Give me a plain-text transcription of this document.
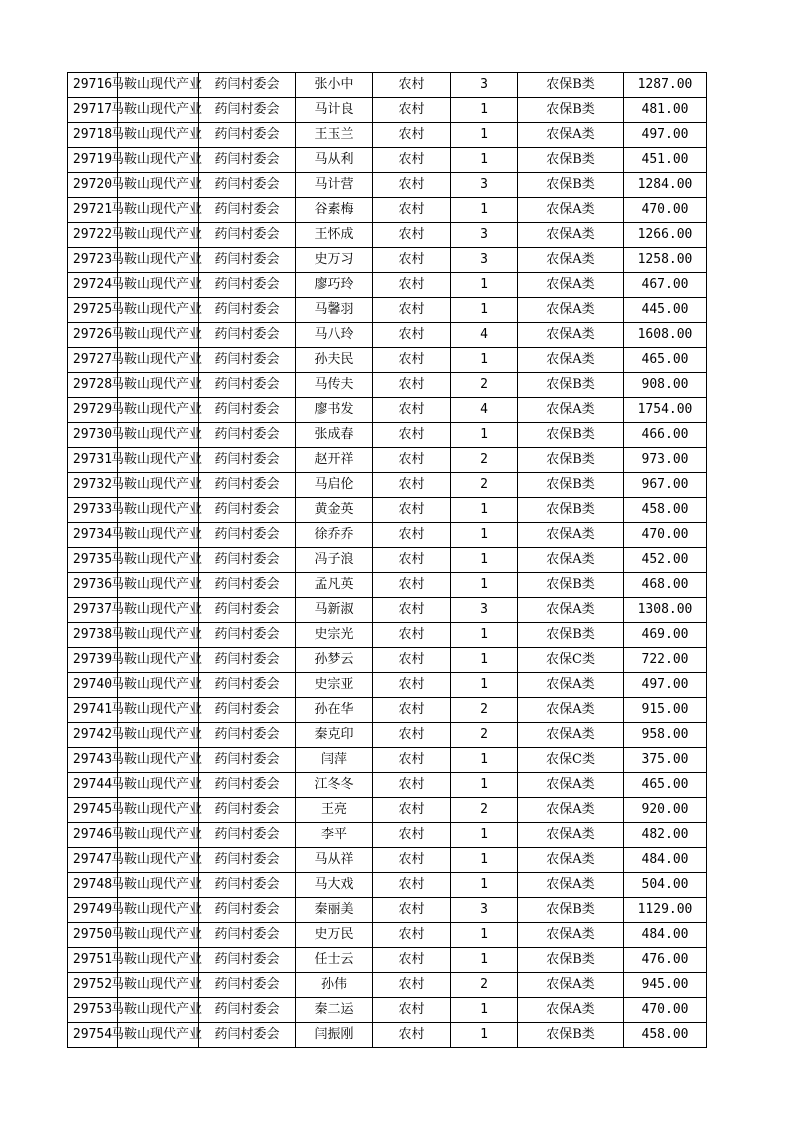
29716	马鞍山现代产业	药闫村委会	张小中	农村	3	农保B类	1287.00
29717	马鞍山现代产业	药闫村委会	马计良	农村	1	农保B类	481.00
29718	马鞍山现代产业	药闫村委会	王玉兰	农村	1	农保A类	497.00
29719	马鞍山现代产业	药闫村委会	马从利	农村	1	农保B类	451.00
29720	马鞍山现代产业	药闫村委会	马计营	农村	3	农保B类	1284.00
29721	马鞍山现代产业	药闫村委会	谷素梅	农村	1	农保A类	470.00
29722	马鞍山现代产业	药闫村委会	王怀成	农村	3	农保A类	1266.00
29723	马鞍山现代产业	药闫村委会	史万习	农村	3	农保A类	1258.00
29724	马鞍山现代产业	药闫村委会	廖巧玲	农村	1	农保A类	467.00
29725	马鞍山现代产业	药闫村委会	马馨羽	农村	1	农保A类	445.00
29726	马鞍山现代产业	药闫村委会	马八玲	农村	4	农保A类	1608.00
29727	马鞍山现代产业	药闫村委会	孙夫民	农村	1	农保A类	465.00
29728	马鞍山现代产业	药闫村委会	马传夫	农村	2	农保B类	908.00
29729	马鞍山现代产业	药闫村委会	廖书发	农村	4	农保A类	1754.00
29730	马鞍山现代产业	药闫村委会	张成春	农村	1	农保B类	466.00
29731	马鞍山现代产业	药闫村委会	赵开祥	农村	2	农保B类	973.00
29732	马鞍山现代产业	药闫村委会	马启伦	农村	2	农保B类	967.00
29733	马鞍山现代产业	药闫村委会	黄金英	农村	1	农保B类	458.00
29734	马鞍山现代产业	药闫村委会	徐乔乔	农村	1	农保A类	470.00
29735	马鞍山现代产业	药闫村委会	冯子浪	农村	1	农保A类	452.00
29736	马鞍山现代产业	药闫村委会	孟凡英	农村	1	农保B类	468.00
29737	马鞍山现代产业	药闫村委会	马新淑	农村	3	农保A类	1308.00
29738	马鞍山现代产业	药闫村委会	史宗光	农村	1	农保B类	469.00
29739	马鞍山现代产业	药闫村委会	孙梦云	农村	1	农保C类	722.00
29740	马鞍山现代产业	药闫村委会	史宗亚	农村	1	农保A类	497.00
29741	马鞍山现代产业	药闫村委会	孙在华	农村	2	农保A类	915.00
29742	马鞍山现代产业	药闫村委会	秦克印	农村	2	农保A类	958.00
29743	马鞍山现代产业	药闫村委会	闫萍	农村	1	农保C类	375.00
29744	马鞍山现代产业	药闫村委会	江冬冬	农村	1	农保A类	465.00
29745	马鞍山现代产业	药闫村委会	王亮	农村	2	农保A类	920.00
29746	马鞍山现代产业	药闫村委会	李平	农村	1	农保A类	482.00
29747	马鞍山现代产业	药闫村委会	马从祥	农村	1	农保A类	484.00
29748	马鞍山现代产业	药闫村委会	马大戏	农村	1	农保A类	504.00
29749	马鞍山现代产业	药闫村委会	秦丽美	农村	3	农保B类	1129.00
29750	马鞍山现代产业	药闫村委会	史万民	农村	1	农保A类	484.00
29751	马鞍山现代产业	药闫村委会	任士云	农村	1	农保B类	476.00
29752	马鞍山现代产业	药闫村委会	孙伟	农村	2	农保A类	945.00
29753	马鞍山现代产业	药闫村委会	秦二运	农村	1	农保A类	470.00
29754	马鞍山现代产业	药闫村委会	闫振刚	农村	1	农保B类	458.00
